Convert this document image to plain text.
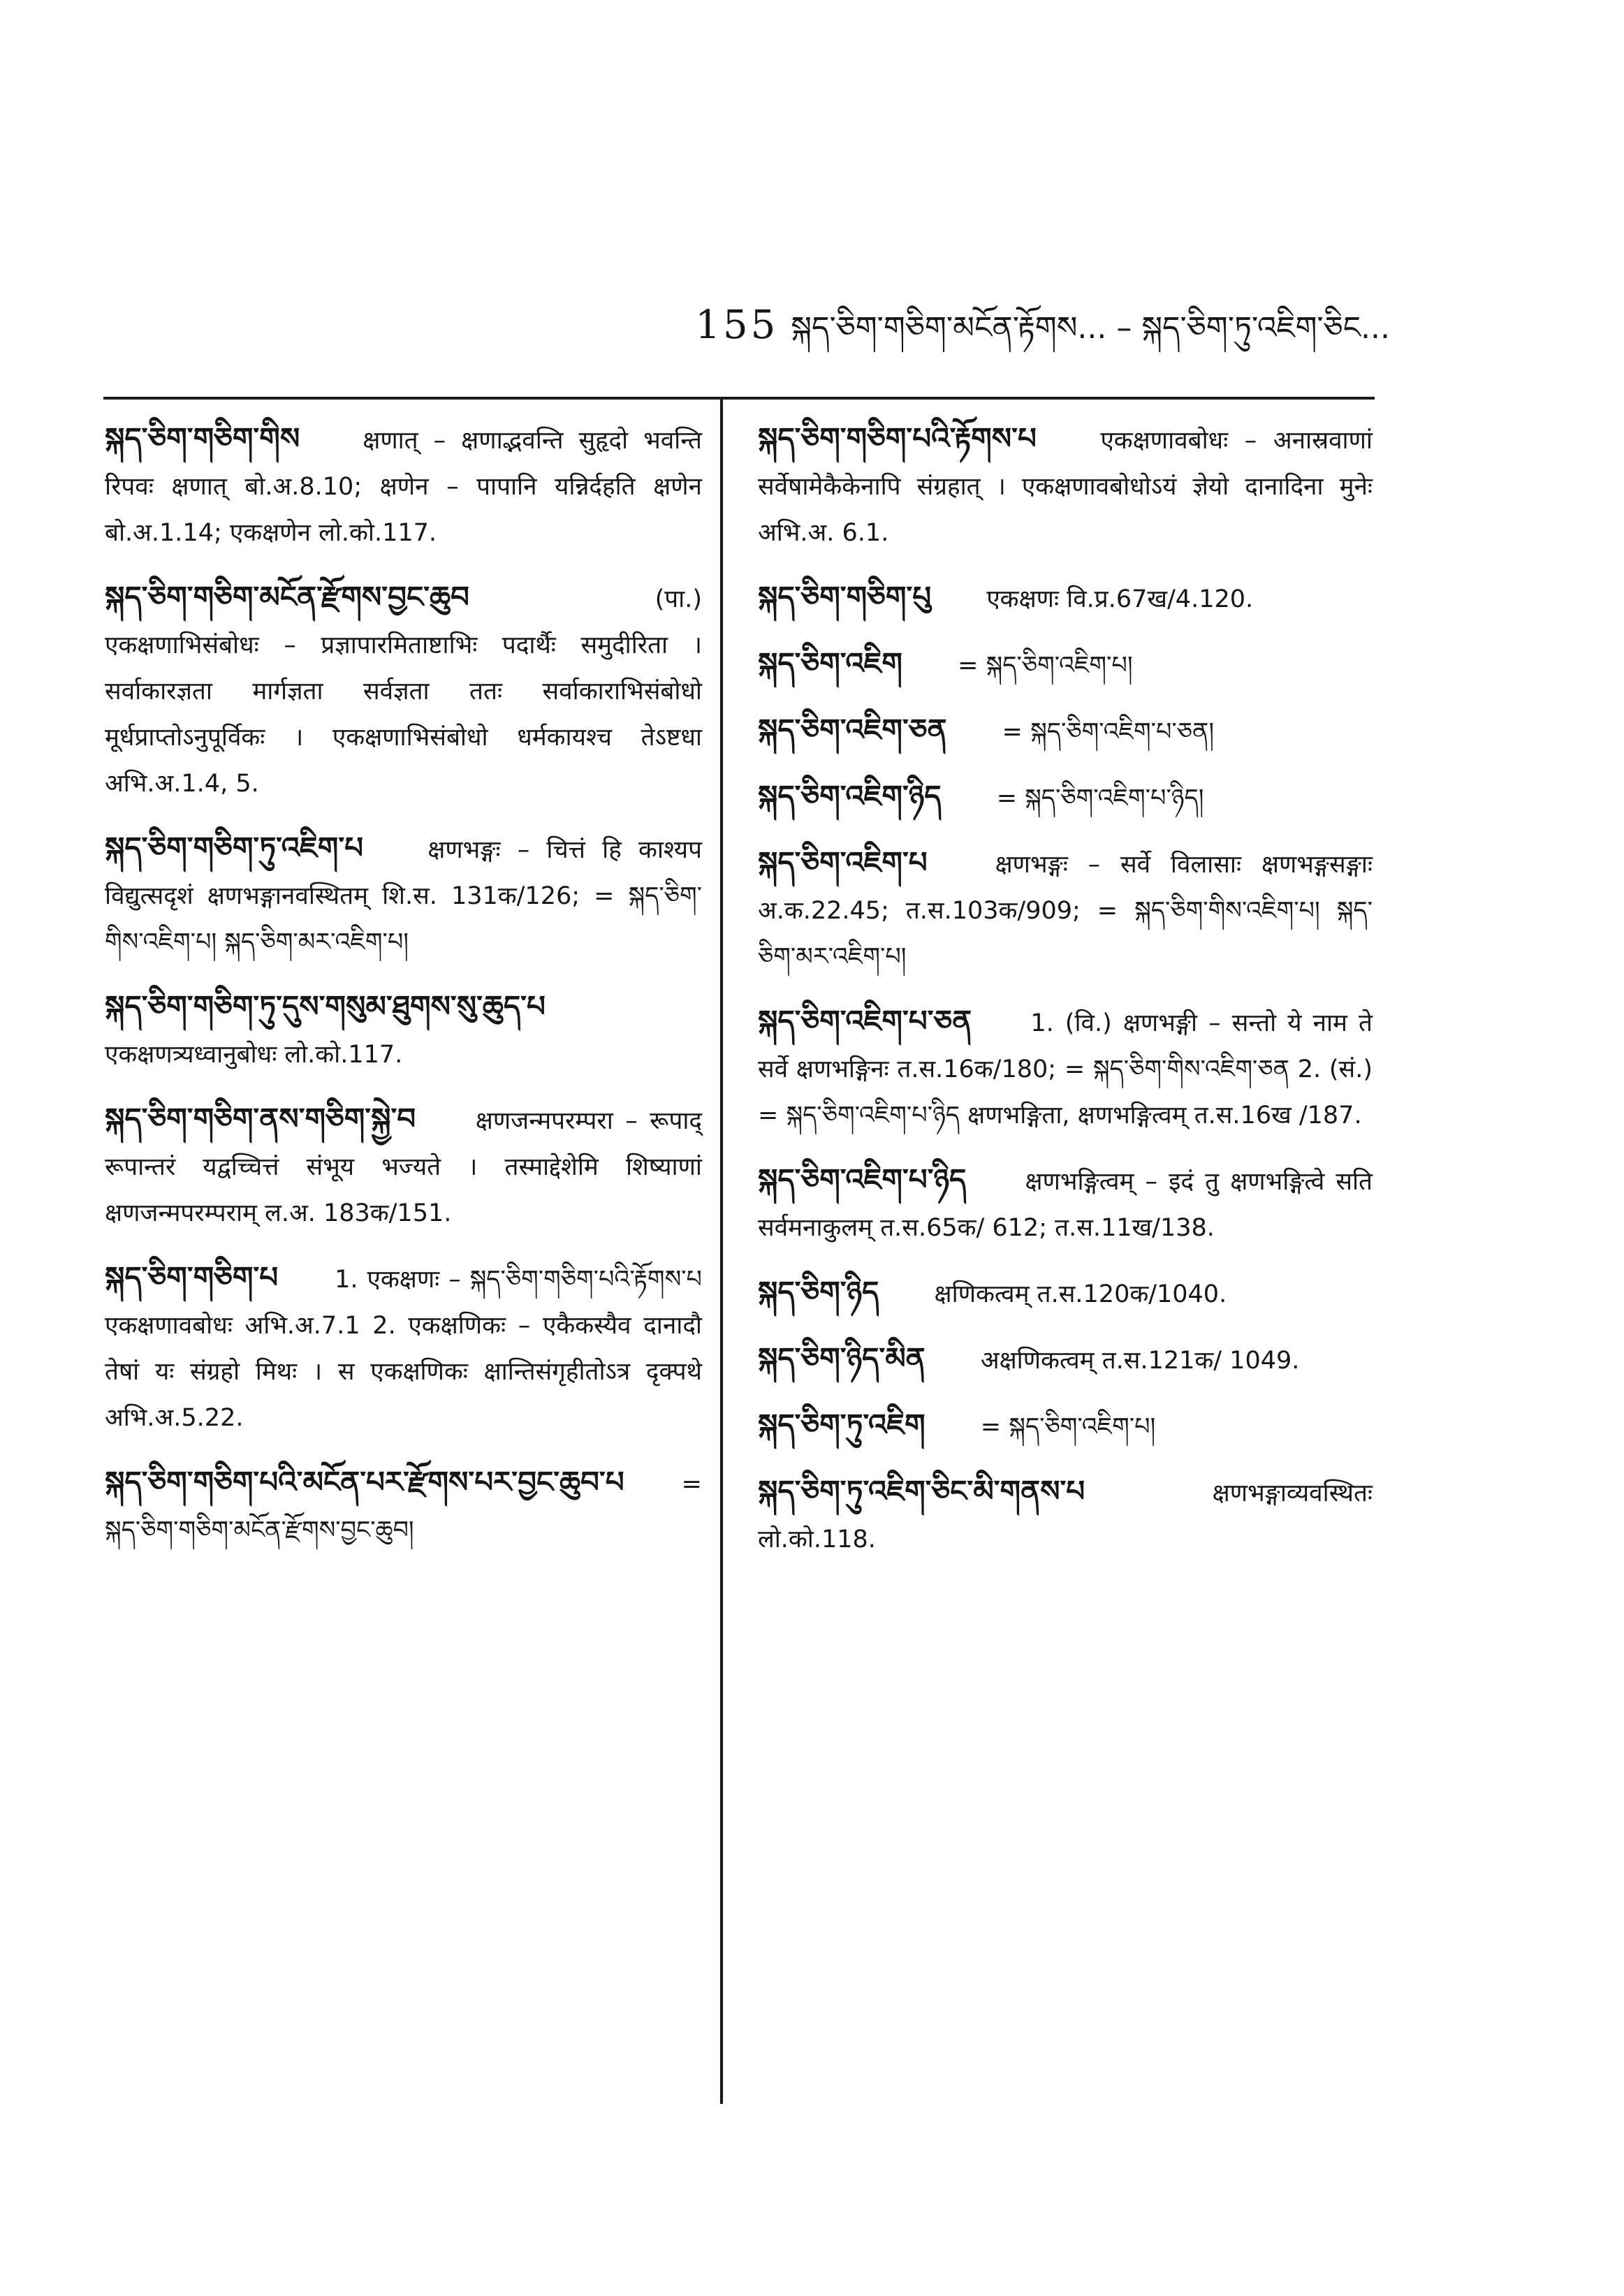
155 སྐད་ཅིག་གཅིག་མངོན་རྟོགས... – སྐད་ཅིག་ཏུ་འཇིག་ཅིང...
སྐད་ཅིག་གཅིག་གིས	क्षणात् – क्षणाद्भवन्ति सुहृदो भवन्ति रिपवः क्षणात् बो.अ.8.10; क्षणेन – पापानि यन्निर्दहति क्षणेन बो.अ.1.14; एकक्षणेन लो.को.117.
སྐད་ཅིག་གཅིག་མངོན་རྫོགས་བྱང་ཆུབ	(पा.) एकक्षणाभिसंबोधः – प्रज्ञापारमिताष्टाभिः पदार्थैः समुदीरिता । सर्वाकारज्ञता मार्गज्ञता सर्वज्ञता ततः सर्वाकाराभिसंबोधो मूर्धप्राप्तोऽनुपूर्विकः । एकक्षणाभिसंबोधो धर्मकायश्च तेऽष्टधा अभि.अ.1.4, 5.
སྐད་ཅིག་གཅིག་ཏུ་འཇིག་པ	क्षणभङ्गः – चित्तं हि काश्यप विद्युत्सदृशं क्षणभङ्गानवस्थितम् शि.स. 131क/126; = སྐད་ཅིག་གིས་འཇིག་པ། སྐད་ཅིག་མར་འཇིག་པ།
སྐད་ཅིག་གཅིག་ཏུ་དུས་གསུམ་ཐུགས་སུ་ཆུད་པ एकक्षणत्र्यध्वानुबोधः लो.को.117.
སྐད་ཅིག་གཅིག་ནས་གཅིག་སྐྱེ་བ क्षणजन्मपरम्परा – रूपाद् रूपान्तरं यद्वच्चित्तं संभूय भज्यते । तस्माद्देशेमि शिष्याणां क्षणजन्मपरम्पराम् ल.अ. 183क/151.
སྐད་ཅིག་གཅིག་པ 1. एकक्षणः – སྐད་ཅིག་གཅིག་པའི་རྟོགས་པ एकक्षणावबोधः अभि.अ.7.1 2. एकक्षणिकः – एकैकस्यैव दानादौ तेषां यः संग्रहो मिथः । स एकक्षणिकः क्षान्तिसंगृहीतोऽत्र दृक्पथे अभि.अ.5.22.
སྐད་ཅིག་གཅིག་པའི་མངོན་པར་རྫོགས་པར་བྱང་ཆུབ་པ = སྐད་ཅིག་གཅིག་མངོན་རྫོགས་བྱང་ཆུབ།
སྐད་ཅིག་གཅིག་པའི་རྟོགས་པ	एकक्षणावबोधः – अनास्रवाणां सर्वेषामेकैकेनापि संग्रहात् । एकक्षणावबोधोऽयं ज्ञेयो दानादिना मुनेः अभि.अ. 6.1.
སྐད་ཅིག་གཅིག་པུ एकक्षणः वि.प्र.67ख/4.120.
སྐད་ཅིག་འཇིག = སྐད་ཅིག་འཇིག་པ།
སྐད་ཅིག་འཇིག་ཅན = སྐད་ཅིག་འཇིག་པ་ཅན།
སྐད་ཅིག་འཇིག་ཉིད = སྐད་ཅིག་འཇིག་པ་ཉིད།
སྐད་ཅིག་འཇིག་པ	क्षणभङ्गः – सर्वे विलासाः क्षणभङ्गसङ्गाः अ.क.22.45; त.स.103क/909; = སྐད་ཅིག་གིས་འཇིག་པ། སྐད་ཅིག་མར་འཇིག་པ།
སྐད་ཅིག་འཇིག་པ་ཅན 1. (वि.) क्षणभङ्गी – सन्तो ये नाम ते सर्वे क्षणभङ्गिनः त.स.16क/180; = སྐད་ཅིག་གིས་འཇིག་ཅན 2. (सं.) = སྐད་ཅིག་འཇིག་པ་ཉིད क्षणभङ्गिता, क्षणभङ्गित्वम् त.स.16ख /187.
སྐད་ཅིག་འཇིག་པ་ཉིད क्षणभङ्गित्वम् – इदं तु क्षणभङ्गित्वे सति सर्वमनाकुलम् त.स.65क/ 612; त.स.11ख/138.
སྐད་ཅིག་ཉིད क्षणिकत्वम् त.स.120क/1040.
སྐད་ཅིག་ཉིད་མིན अक्षणिकत्वम् त.स.121क/ 1049.
སྐད་ཅིག་ཏུ་འཇིག = སྐད་ཅིག་འཇིག་པ།
སྐད་ཅིག་ཏུ་འཇིག་ཅིང་མི་གནས་པ	क्षणभङ्गाव्यवस्थितः लो.को.118.
